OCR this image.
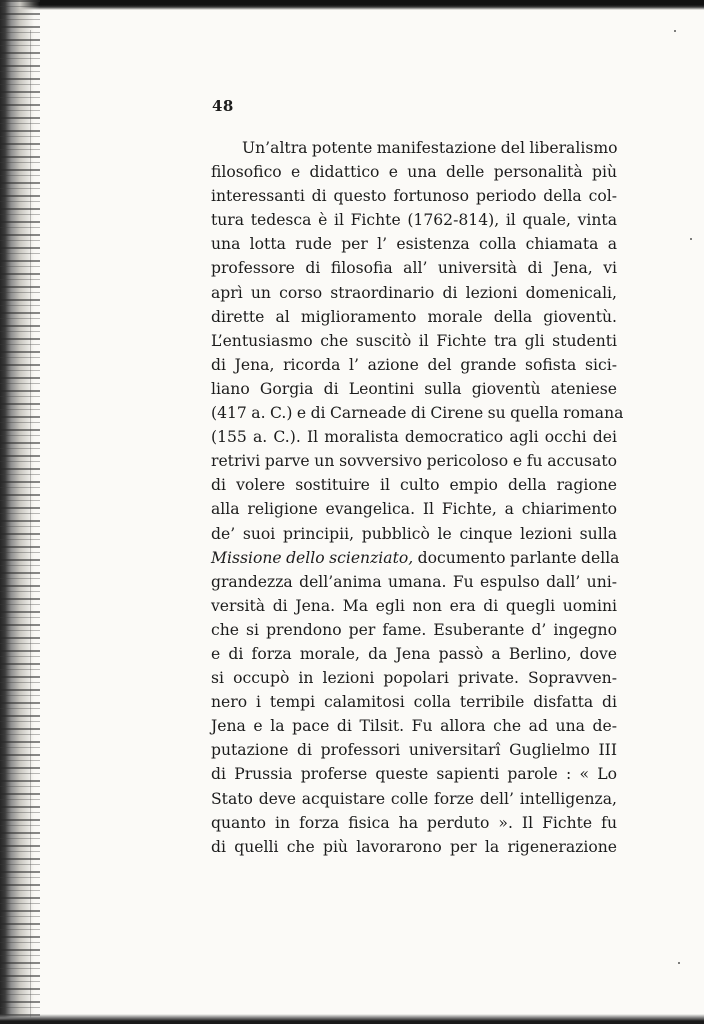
48

Un’altra potente manifestazione del liberalismo
filosofico e didattico e una delle personalità più
interessanti di questo fortunoso periodo della col-
tura tedesca è il Fichte (1762-814), il quale, vinta
una lotta rude per l’ esistenza colla chiamata a
professore di filosofia all’ università di Jena, vi
aprì un corso straordinario di lezioni domenicali,
dirette al miglioramento morale della gioventù.
L’entusiasmo che suscitò il Fichte tra gli studenti
di Jena, ricorda l’ azione del grande sofista sici-
liano Gorgia di Leontini sulla gioventù ateniese
(417 a. C.) e di Carneade di Cirene su quella romana
(155 a. C.). Il moralista democratico agli occhi dei
retrivi parve un sovversivo pericoloso e fu accusato
di volere sostituire il culto empio della ragione
alla religione evangelica. Il Fichte, a chiarimento
de’ suoi principii, pubblicò le cinque lezioni sulla
Missione dello scienziato, documento parlante della
grandezza dell’anima umana. Fu espulso dall’ uni-
versità di Jena. Ma egli non era di quegli uomini
che si prendono per fame. Esuberante d’ ingegno
e di forza morale, da Jena passò a Berlino, dove
si occupò in lezioni popolari private. Sopravven-
nero i tempi calamitosi colla terribile disfatta di
Jena e la pace di Tilsit. Fu allora che ad una de-
putazione di professori universitarî Guglielmo III
di Prussia proferse queste sapienti parole : « Lo
Stato deve acquistare colle forze dell’ intelligenza,
quanto in forza fisica ha perduto ». Il Fichte fu
di quelli che più lavorarono per la rigenerazione
